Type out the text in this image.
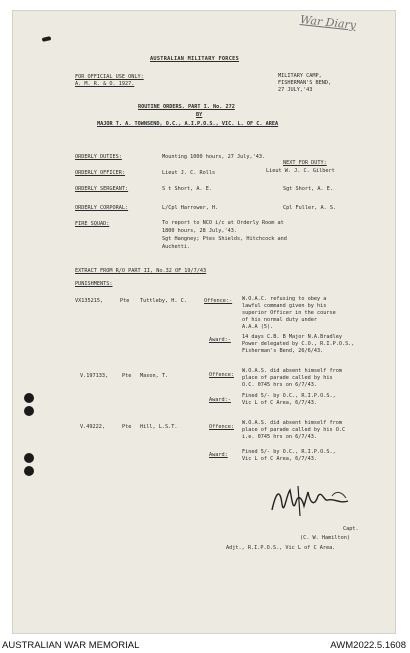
War Diary
AUSTRALIAN MILITARY FORCES
FOR OFFICIAL USE ONLY:
A. M. R. & O. 1927.
MILITARY CAMP,
FISHERMAN'S BEND,
27 JULY,'43
ROUTINE ORDERS. PART I. No. 272
BY
MAJOR T. A. TOWNSEND, O.C., A.I.P.O.S., VIC. L. OF C. AREA
ORDERLY DUTIES:	Mounting 1000 hours, 27 July,'43.
NEXT FOR DUTY:
ORDERLY OFFICER:	Lieut J. C. Rolls	Lieut W. J. C. Gilbert
ORDERLY SERGEANT:	S t Short, A. E.	Sgt Short, A. E.
ORDERLY CORPORAL:	L/Cpl Harrower, H.	Cpl Fuller, A. S.
FIRE SQUAD:	To report to NCO i/c at Orderly Room at
1800 hours, 28 July,'43.
Sgt Hangney; Ptes Shields, Hitchcock and
Auchetti.
EXTRACT FROM R/O PART II, No.32 OF 19/7/43
PUNISHMENTS:
VX135215,	Pte Tuttleby, H. C.	Offence:- W.O.A.C. refusing to obey a
lawful command given by his
superior Officer in the course
of his normal duty under
A.A.A (5).
Award:- 14 days C.B. B Major N.A.Bradley
Power delegated by C.O., R.I.P.O.S.,
Fisherman's Bend, 26/6/43.
V.197133,	Pte Mason, T.	Offence:
W.O.A.S. did absent himself from
place of parade called by his
O.C. 0745 hrs on 6/7/43.
Award:-
Fined 5/- by O.C., R.I.P.O.S.,
Vic L of C Area, 6/7/43.
V.49222,	Pte Hill, L.S.T.	Offence:
W.O.A.S. did absent himself from
place of parade called by his O.C
i.e. 0745 hrs on 6/7/43.
Award:	Fined 5/- by O.C., R.I.P.O.S.,
Vic L of C Area, 6/7/43.
Capt.
(C. W. Hamilton)
Adjt., R.I.P.O.S., Vic L of C Area.
AUSTRALIAN WAR MEMORIAL	AWM2022.5.1608
